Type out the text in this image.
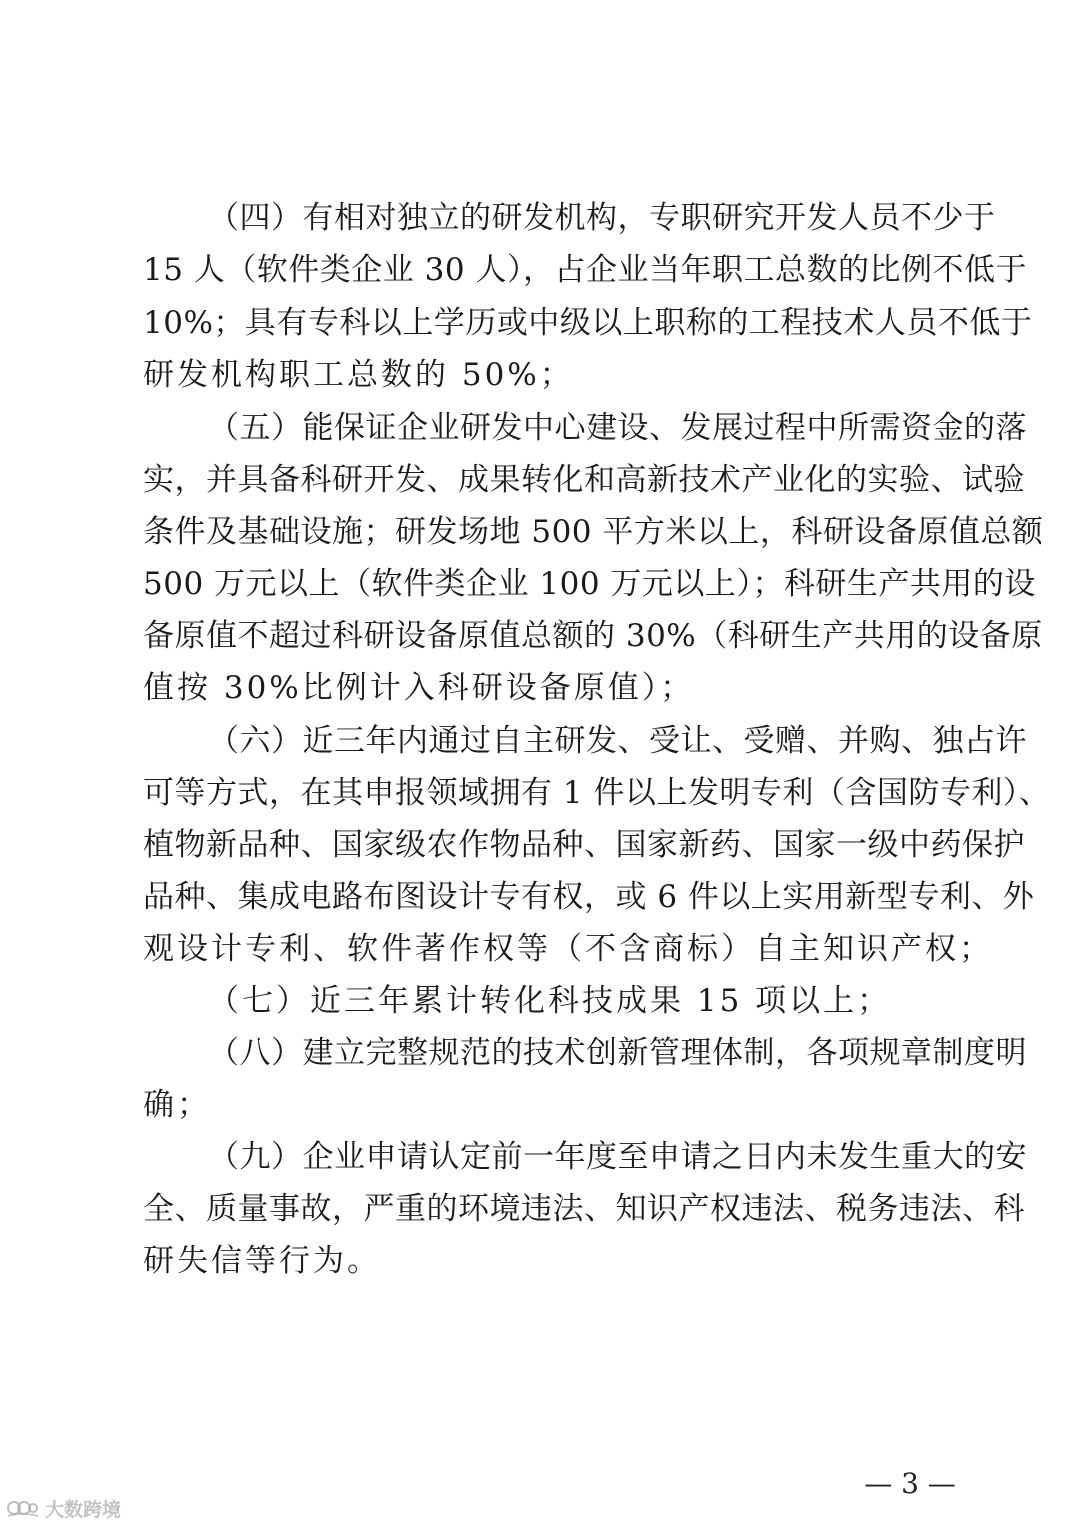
（四）有相对独立的研发机构，专职研究开发人员不少于
15 人（软件类企业 30 人），占企业当年职工总数的比例不低于
10%；具有专科以上学历或中级以上职称的工程技术人员不低于
研发机构职工总数的 50%；
（五）能保证企业研发中心建设、发展过程中所需资金的落
实，并具备科研开发、成果转化和高新技术产业化的实验、试验
条件及基础设施；研发场地 500 平方米以上，科研设备原值总额
500 万元以上（软件类企业 100 万元以上）；科研生产共用的设
备原值不超过科研设备原值总额的 30%（科研生产共用的设备原
值按 30%比例计入科研设备原值）；
（六）近三年内通过自主研发、受让、受赠、并购、独占许
可等方式，在其申报领域拥有 1 件以上发明专利（含国防专利）、
植物新品种、国家级农作物品种、国家新药、国家一级中药保护
品种、集成电路布图设计专有权，或 6 件以上实用新型专利、外
观设计专利、软件著作权等（不含商标）自主知识产权；
（七）近三年累计转化科技成果 15 项以上；
（八）建立完整规范的技术创新管理体制，各项规章制度明
确；
（九）企业申请认定前一年度至申请之日内未发生重大的安
全、质量事故，严重的环境违法、知识产权违法、税务违法、科
研失信等行为。
— 3 —
大数跨境
